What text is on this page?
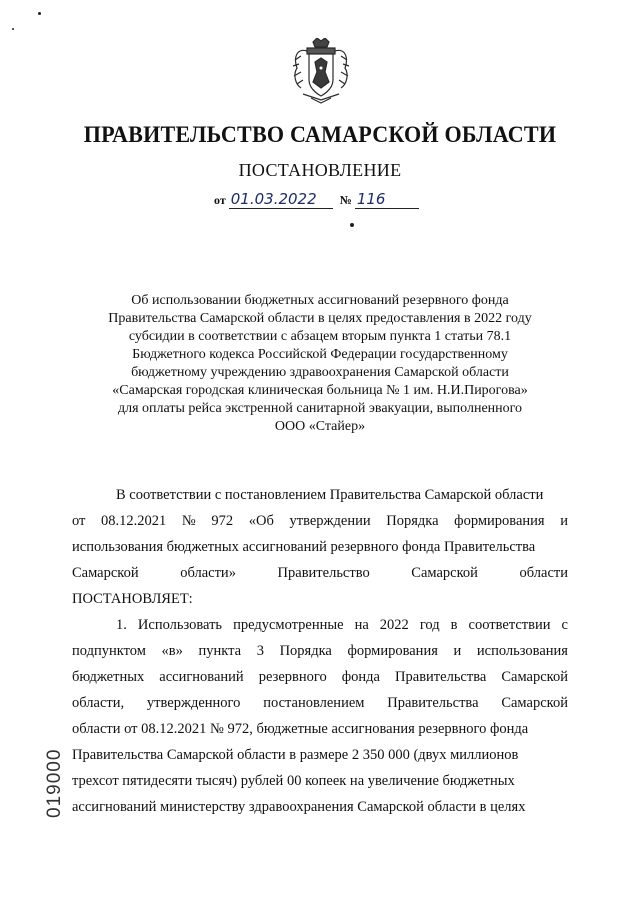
ПРАВИТЕЛЬСТВО САМАРСКОЙ ОБЛАСТИ
ПОСТАНОВЛЕНИЕ
от 01.03.2022 № 116
Об использовании бюджетных ассигнований резервного фонда
Правительства Самарской области в целях предоставления в 2022 году
субсидии в соответствии с абзацем вторым пункта 1 статьи 78.1
Бюджетного кодекса Российской Федерации государственному
бюджетному учреждению здравоохранения Самарской области
«Самарская городская клиническая больница № 1 им. Н.И.Пирогова»
для оплаты рейса экстренной санитарной эвакуации, выполненного
ООО «Стайер»
В соответствии с постановлением Правительства Самарской области
от 08.12.2021 № 972 «Об утверждении Порядка формирования и
использования бюджетных ассигнований резервного фонда Правительства
Самарской	области»	Правительство	Самарской	области
ПОСТАНОВЛЯЕТ:
1. Использовать предусмотренные на 2022 год в соответствии с
подпунктом «в» пункта 3 Порядка формирования и использования
бюджетных ассигнований резервного фонда Правительства Самарской
области, утвержденного постановлением Правительства Самарской
области от 08.12.2021 № 972, бюджетные ассигнования резервного фонда
Правительства Самарской области в размере 2 350 000 (двух миллионов
трехсот пятидесяти тысяч) рублей 00 копеек на увеличение бюджетных
ассигнований министерству здравоохранения Самарской области в целях
019000
